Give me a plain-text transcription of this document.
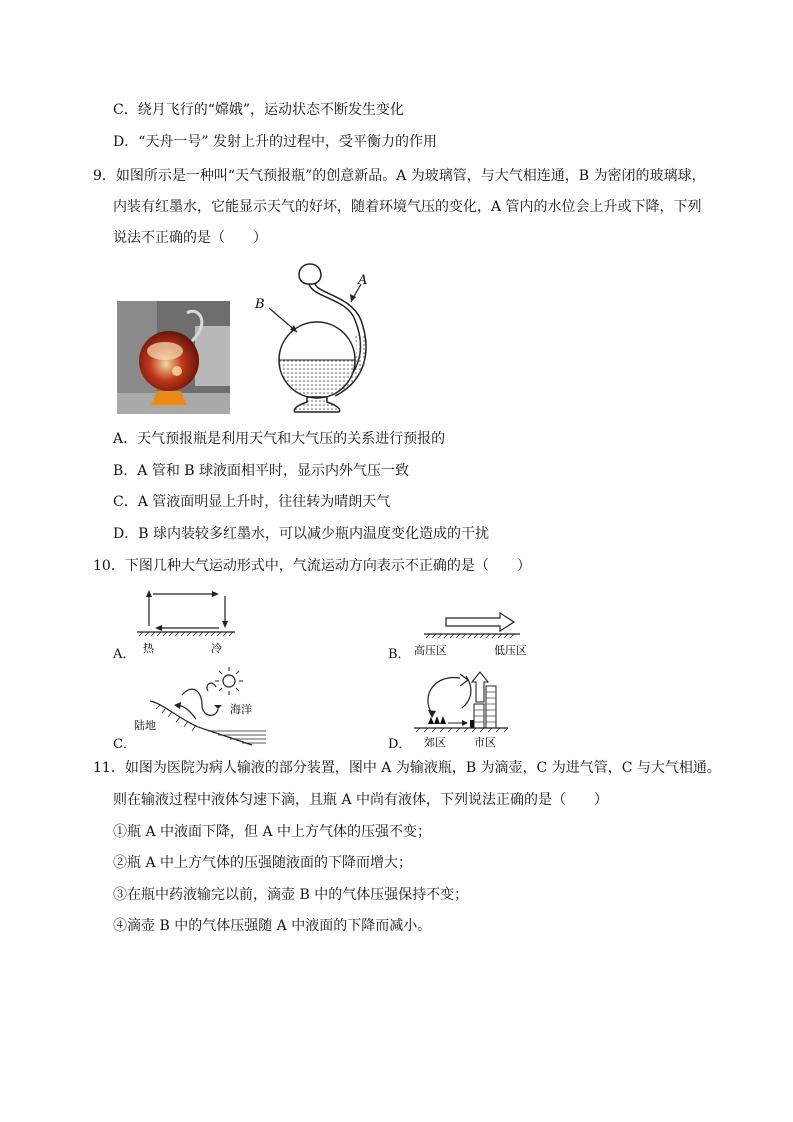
C．绕月飞行的“嫦娥”，运动状态不断发生变化
D．“天舟一号” 发射上升的过程中，受平衡力的作用
9．如图所示是一种叫“天气预报瓶”的创意新品。A 为玻璃管，与大气相连通，B 为密闭的玻璃球，
内装有红墨水，它能显示天气的好坏，随着环境气压的变化，A 管内的水位会上升或下降，下列
说法不正确的是（　　）
B
A
A．天气预报瓶是利用天气和大气压的关系进行预报的
B．A 管和 B 球液面相平时，显示内外气压一致
C．A 管液面明显上升时，往往转为晴朗天气
D．B 球内装较多红墨水，可以减少瓶内温度变化造成的干扰
10．下图几种大气运动形式中，气流运动方向表示不正确的是（　　）
A． 热	冷	B． 高压区	低压区
C．
海洋
陆地
D． 郊区	市区
11．如图为医院为病人输液的部分装置，图中 A 为输液瓶，B 为滴壶，C 为进气管，C 与大气相通。
则在输液过程中液体匀速下滴，且瓶 A 中尚有液体，下列说法正确的是（　　）
①瓶 A 中液面下降，但 A 中上方气体的压强不变；
②瓶 A 中上方气体的压强随液面的下降而增大；
③在瓶中药液输完以前，滴壶 B 中的气体压强保持不变；
④滴壶 B 中的气体压强随 A 中液面的下降而减小。
